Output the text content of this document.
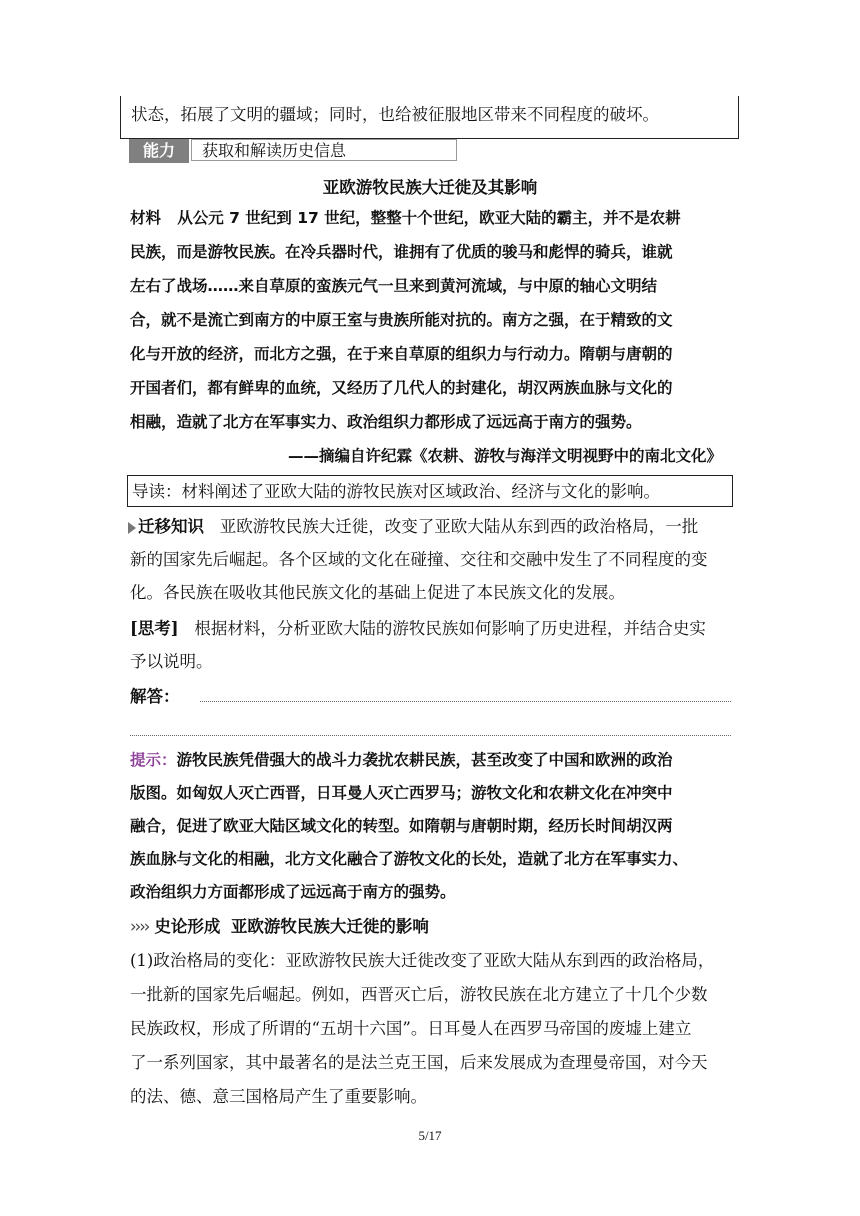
状态，拓展了文明的疆域；同时，也给被征服地区带来不同程度的破坏。
能力	获取和解读历史信息
亚欧游牧民族大迁徙及其影响
材料 从公元 7 世纪到 17 世纪，整整十个世纪，欧亚大陆的霸主，并不是农耕
民族，而是游牧民族。在冷兵器时代，谁拥有了优质的骏马和彪悍的骑兵，谁就
左右了战场……来自草原的蛮族元气一旦来到黄河流域，与中原的轴心文明结
合，就不是流亡到南方的中原王室与贵族所能对抗的。南方之强，在于精致的文
化与开放的经济，而北方之强，在于来自草原的组织力与行动力。隋朝与唐朝的
开国者们，都有鲜卑的血统，又经历了几代人的封建化，胡汉两族血脉与文化的
相融，造就了北方在军事实力、政治组织力都形成了远远高于南方的强势。
——摘编自许纪霖《农耕、游牧与海洋文明视野中的南北文化》
导读：材料阐述了亚欧大陆的游牧民族对区域政治、经济与文化的影响。
迁移知识 亚欧游牧民族大迁徙，改变了亚欧大陆从东到西的政治格局，一批
新的国家先后崛起。各个区域的文化在碰撞、交往和交融中发生了不同程度的变
化。各民族在吸收其他民族文化的基础上促进了本民族文化的发展。
[思考] 根据材料，分析亚欧大陆的游牧民族如何影响了历史进程，并结合史实
予以说明。
解答：
提示：游牧民族凭借强大的战斗力袭扰农耕民族，甚至改变了中国和欧洲的政治
版图。如匈奴人灭亡西晋，日耳曼人灭亡西罗马；游牧文化和农耕文化在冲突中
融合，促进了欧亚大陆区域文化的转型。如隋朝与唐朝时期，经历长时间胡汉两
族血脉与文化的相融，北方文化融合了游牧文化的长处，造就了北方在军事实力、
政治组织力方面都形成了远远高于南方的强势。
›››› 史论形成 亚欧游牧民族大迁徙的影响
(1)政治格局的变化：亚欧游牧民族大迁徙改变了亚欧大陆从东到西的政治格局，
一批新的国家先后崛起。例如，西晋灭亡后，游牧民族在北方建立了十几个少数
民族政权，形成了所谓的“五胡十六国”。日耳曼人在西罗马帝国的废墟上建立
了一系列国家，其中最著名的是法兰克王国，后来发展成为查理曼帝国，对今天
的法、德、意三国格局产生了重要影响。
5/17
